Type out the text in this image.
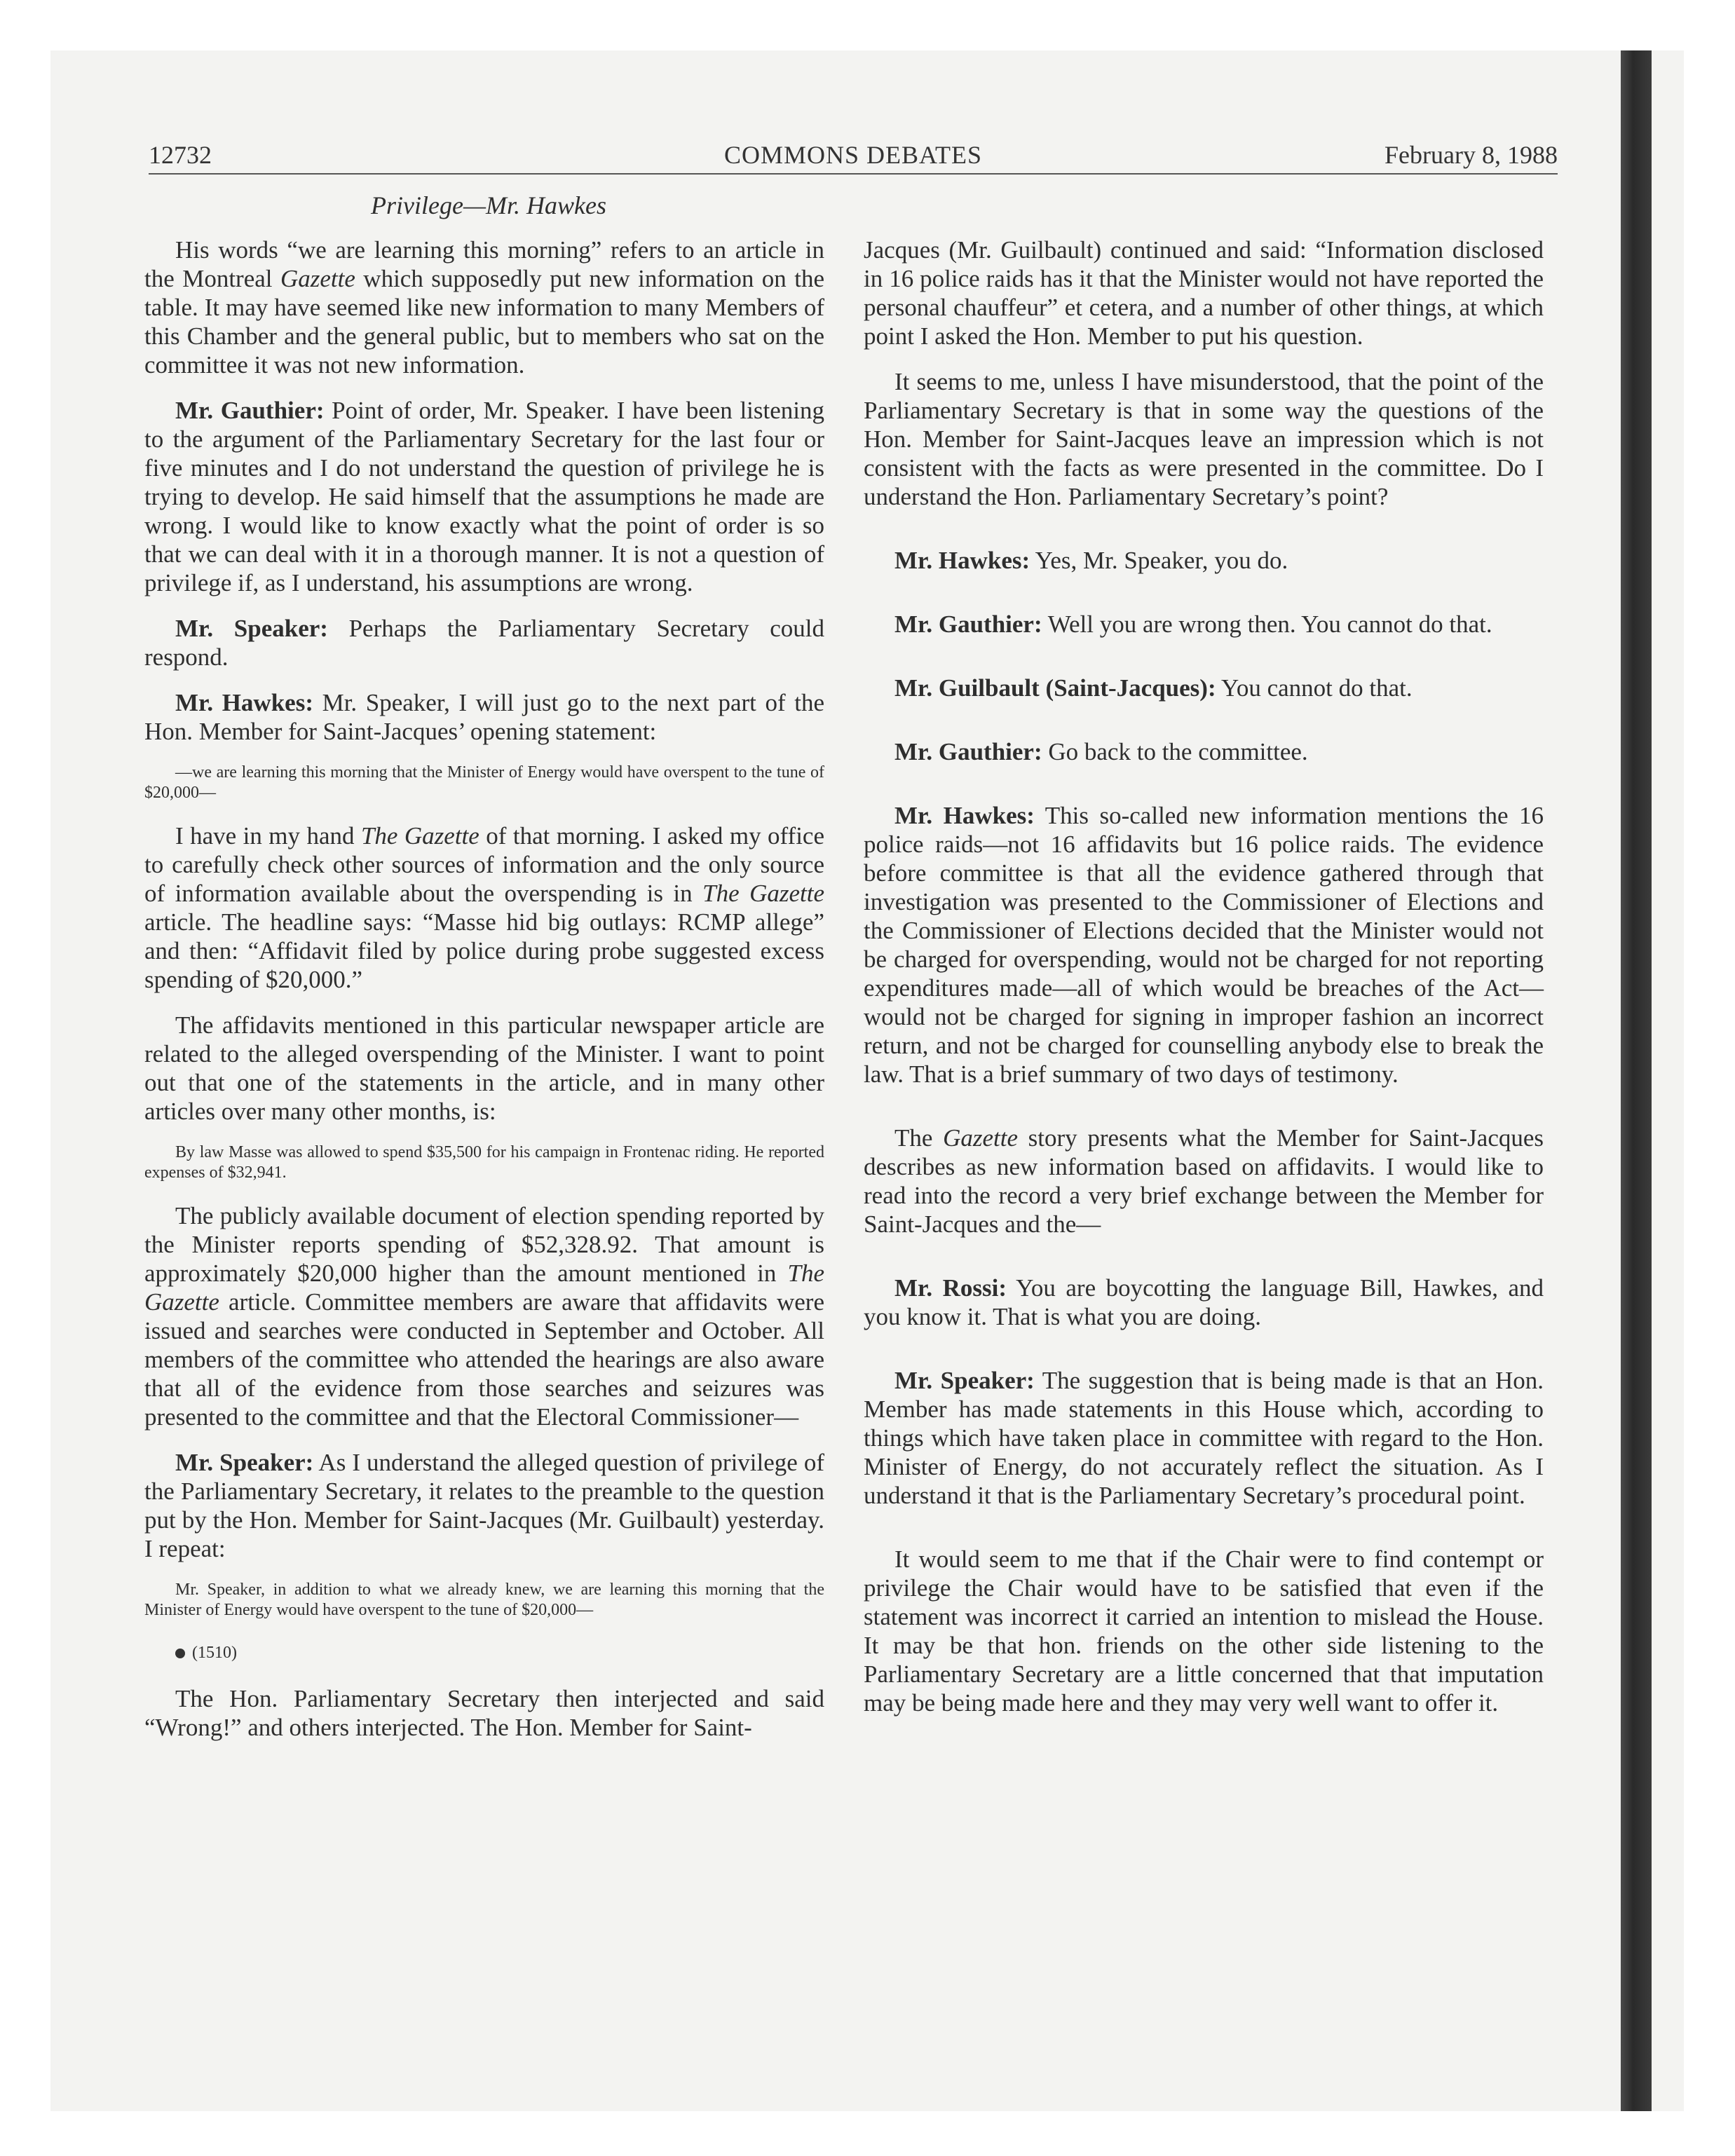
COMMONS DEBATES
12732	February 8, 1988
Privilege—Mr. Hawkes

His words “we are learning this morning” refers to an article in the Montreal Gazette which supposedly put new information on the table. It may have seemed like new information to many Members of this Chamber and the general public, but to members who sat on the committee it was not new information.

Mr. Gauthier: Point of order, Mr. Speaker. I have been listening to the argument of the Parliamentary Secretary for the last four or five minutes and I do not understand the question of privilege he is trying to develop. He said himself that the assumptions he made are wrong. I would like to know exactly what the point of order is so that we can deal with it in a thorough manner. It is not a question of privilege if, as I understand, his assumptions are wrong.

Mr. Speaker: Perhaps the Parliamentary Secretary could respond.

Mr. Hawkes: Mr. Speaker, I will just go to the next part of the Hon. Member for Saint-Jacques’ opening statement:

—we are learning this morning that the Minister of Energy would have overspent to the tune of $20,000—

I have in my hand The Gazette of that morning. I asked my office to carefully check other sources of information and the only source of information available about the overspending is in The Gazette article. The headline says: “Masse hid big outlays: RCMP allege” and then: “Affidavit filed by police during probe suggested excess spending of $20,000.”

The affidavits mentioned in this particular newspaper article are related to the alleged overspending of the Minister. I want to point out that one of the statements in the article, and in many other articles over many other months, is:

By law Masse was allowed to spend $35,500 for his campaign in Frontenac riding. He reported expenses of $32,941.

The publicly available document of election spending reported by the Minister reports spending of $52,328.92. That amount is approximately $20,000 higher than the amount mentioned in The Gazette article. Committee members are aware that affidavits were issued and searches were conducted in September and October. All members of the committee who attended the hearings are also aware that all of the evidence from those searches and seizures was presented to the committee and that the Electoral Commissioner—

Mr. Speaker: As I understand the alleged question of privilege of the Parliamentary Secretary, it relates to the preamble to the question put by the Hon. Member for Saint-Jacques (Mr. Guilbault) yesterday. I repeat:

Mr. Speaker, in addition to what we already knew, we are learning this morning that the Minister of Energy would have overspent to the tune of $20,000—

(1510)

The Hon. Parliamentary Secretary then interjected and said “Wrong!” and others interjected. The Hon. Member for Saint-

Jacques (Mr. Guilbault) continued and said: “Information disclosed in 16 police raids has it that the Minister would not have reported the personal chauffeur” et cetera, and a number of other things, at which point I asked the Hon. Member to put his question.

It seems to me, unless I have misunderstood, that the point of the Parliamentary Secretary is that in some way the questions of the Hon. Member for Saint-Jacques leave an impression which is not consistent with the facts as were presented in the committee. Do I understand the Hon. Parliamentary Secretary’s point?

Mr. Hawkes: Yes, Mr. Speaker, you do.

Mr. Gauthier: Well you are wrong then. You cannot do that.

Mr. Guilbault (Saint-Jacques): You cannot do that.

Mr. Gauthier: Go back to the committee.

Mr. Hawkes: This so-called new information mentions the 16 police raids—not 16 affidavits but 16 police raids. The evidence before committee is that all the evidence gathered through that investigation was presented to the Commissioner of Elections and the Commissioner of Elections decided that the Minister would not be charged for overspending, would not be charged for not reporting expenditures made—all of which would be breaches of the Act—would not be charged for signing in improper fashion an incorrect return, and not be charged for counselling anybody else to break the law. That is a brief summary of two days of testimony.

The Gazette story presents what the Member for Saint-Jacques describes as new information based on affidavits. I would like to read into the record a very brief exchange between the Member for Saint-Jacques and the—

Mr. Rossi: You are boycotting the language Bill, Hawkes, and you know it. That is what you are doing.

Mr. Speaker: The suggestion that is being made is that an Hon. Member has made statements in this House which, according to things which have taken place in committee with regard to the Hon. Minister of Energy, do not accurately reflect the situation. As I understand it that is the Parliamentary Secretary’s procedural point.

It would seem to me that if the Chair were to find contempt or privilege the Chair would have to be satisfied that even if the statement was incorrect it carried an intention to mislead the House. It may be that hon. friends on the other side listening to the Parliamentary Secretary are a little concerned that that imputation may be being made here and they may very well want to offer it.
